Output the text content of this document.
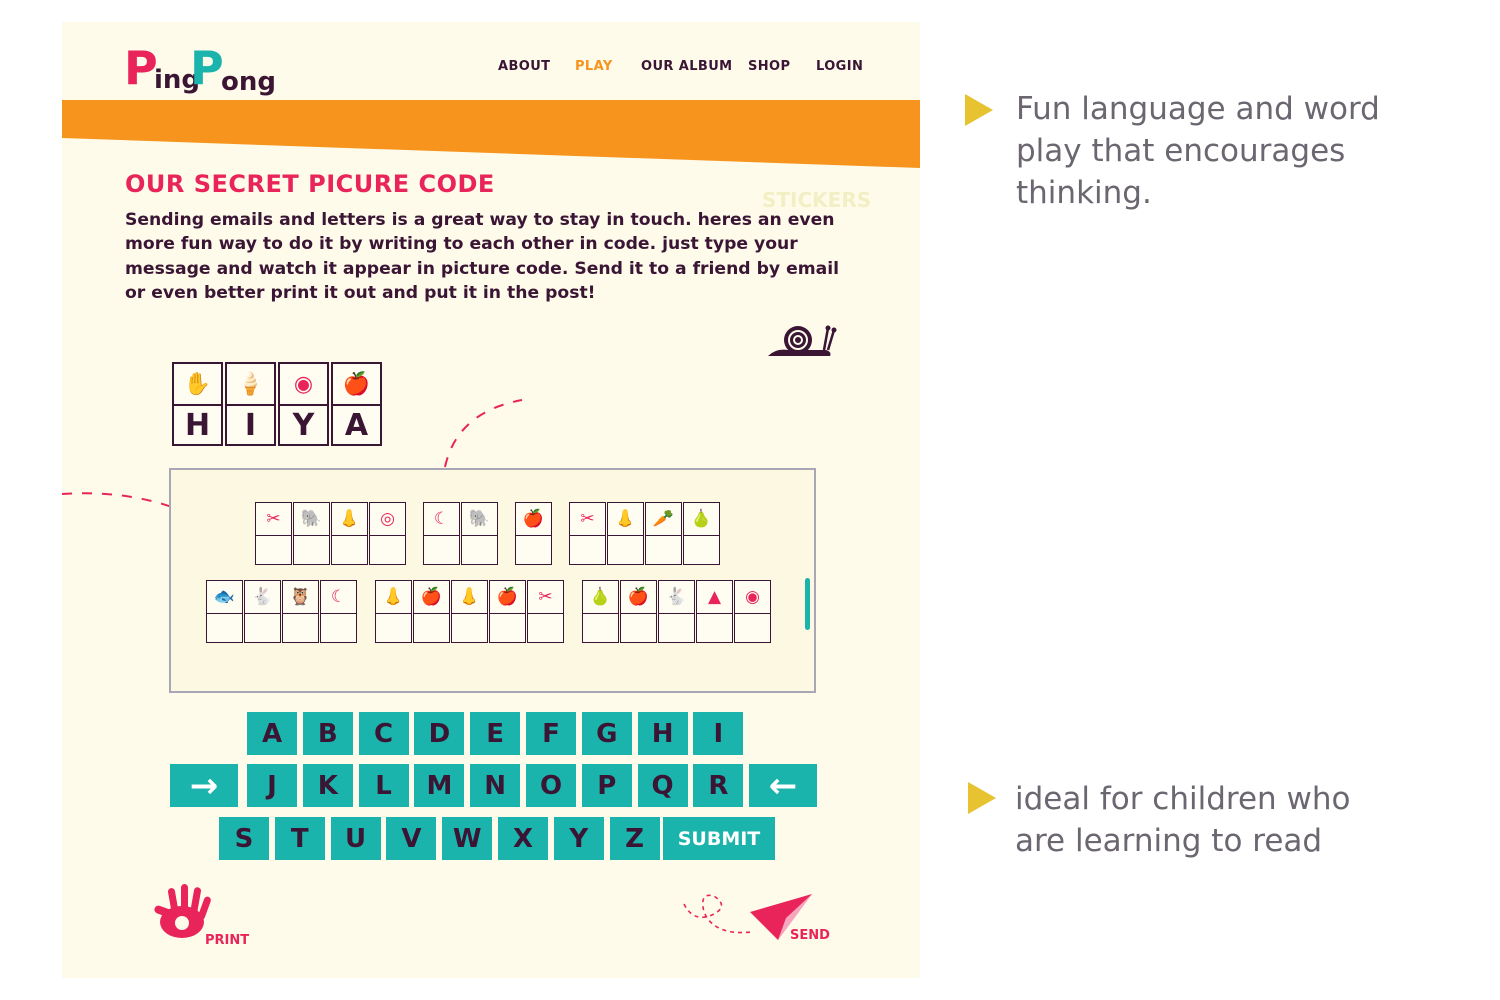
P
ing
P
ong
ABOUT PLAY OUR ALBUM SHOP LOGIN
STICKERS
OUR SECRET PICURE CODE
Sending emails and letters is a great way to stay in touch. heres an even more fun way to do it by writing to each other in code. just type your message and watch it appear in picture code. Send it to a friend by email or even better print it out and put it in the post!
✋
H
🍦
I
◉
Y
🍎
A
✂	🐘 👃	◎	☾	🐘	🍎	✂	👃 🥕 🍐
🐟 🐇 🦉	☾	👃 🍎 👃 🍎	✂	🍐 🍎 🐇	▲	◉
A	B	C	D	E	F	G	H	I
→	J	K	L	M	N	O	P	Q	R	←
S	T	U	V	W	X	Y	Z	SUBMIT
PRINT	SEND
Fun language and word
play that encourages
thinking.
ideal for children who
are learning to read
